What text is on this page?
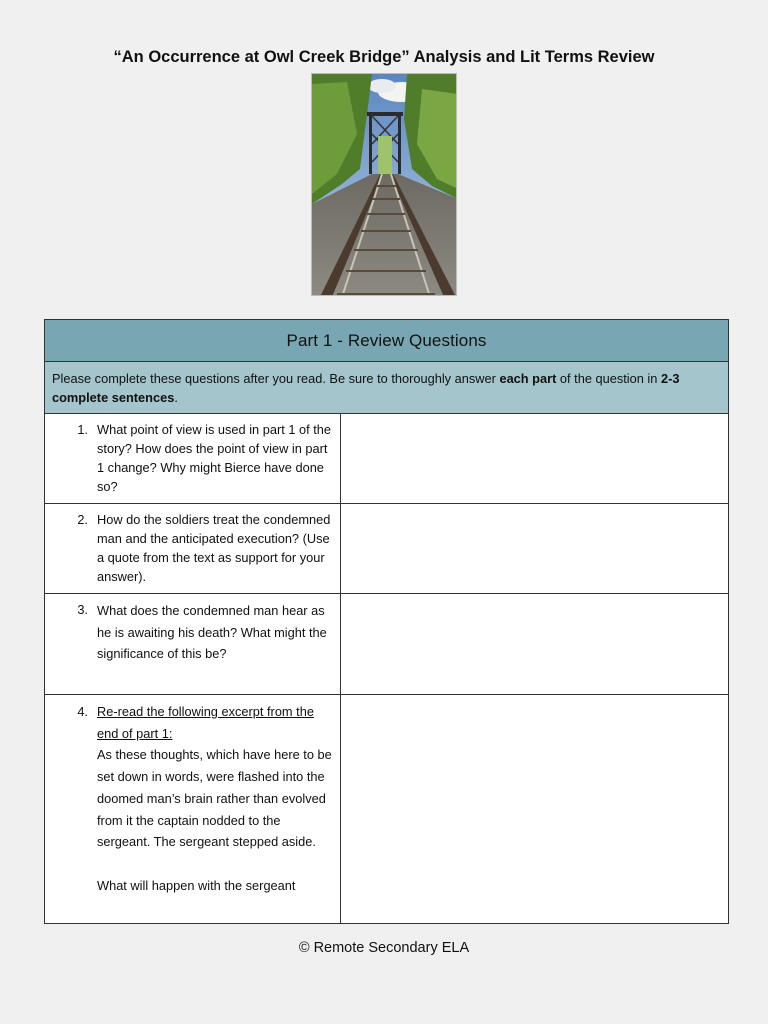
“An Occurrence at Owl Creek Bridge” Analysis and Lit Terms Review
Part 1 - Review Questions	
Please complete these questions after you read. Be sure to thoroughly answer each part of the question in 2-3 complete sentences.	

1. What point of view is used in part 1 of the story? How does the point of view in part 1 change? Why might Bierce have done so?	

2. How do the soldiers treat the condemned man and the anticipated execution? (Use a quote from the text as support for your answer).	

3. What does the condemned man hear as he is awaiting his death? What might the significance of this be?	

4. Re-read the following excerpt from the end of part 1:
As these thoughts, which have here to be set down in words, were flashed into the doomed man’s brain rather than evolved from it the captain nodded to the sergeant. The sergeant stepped aside.
What will happen with the sergeant	

© Remote Secondary ELA
